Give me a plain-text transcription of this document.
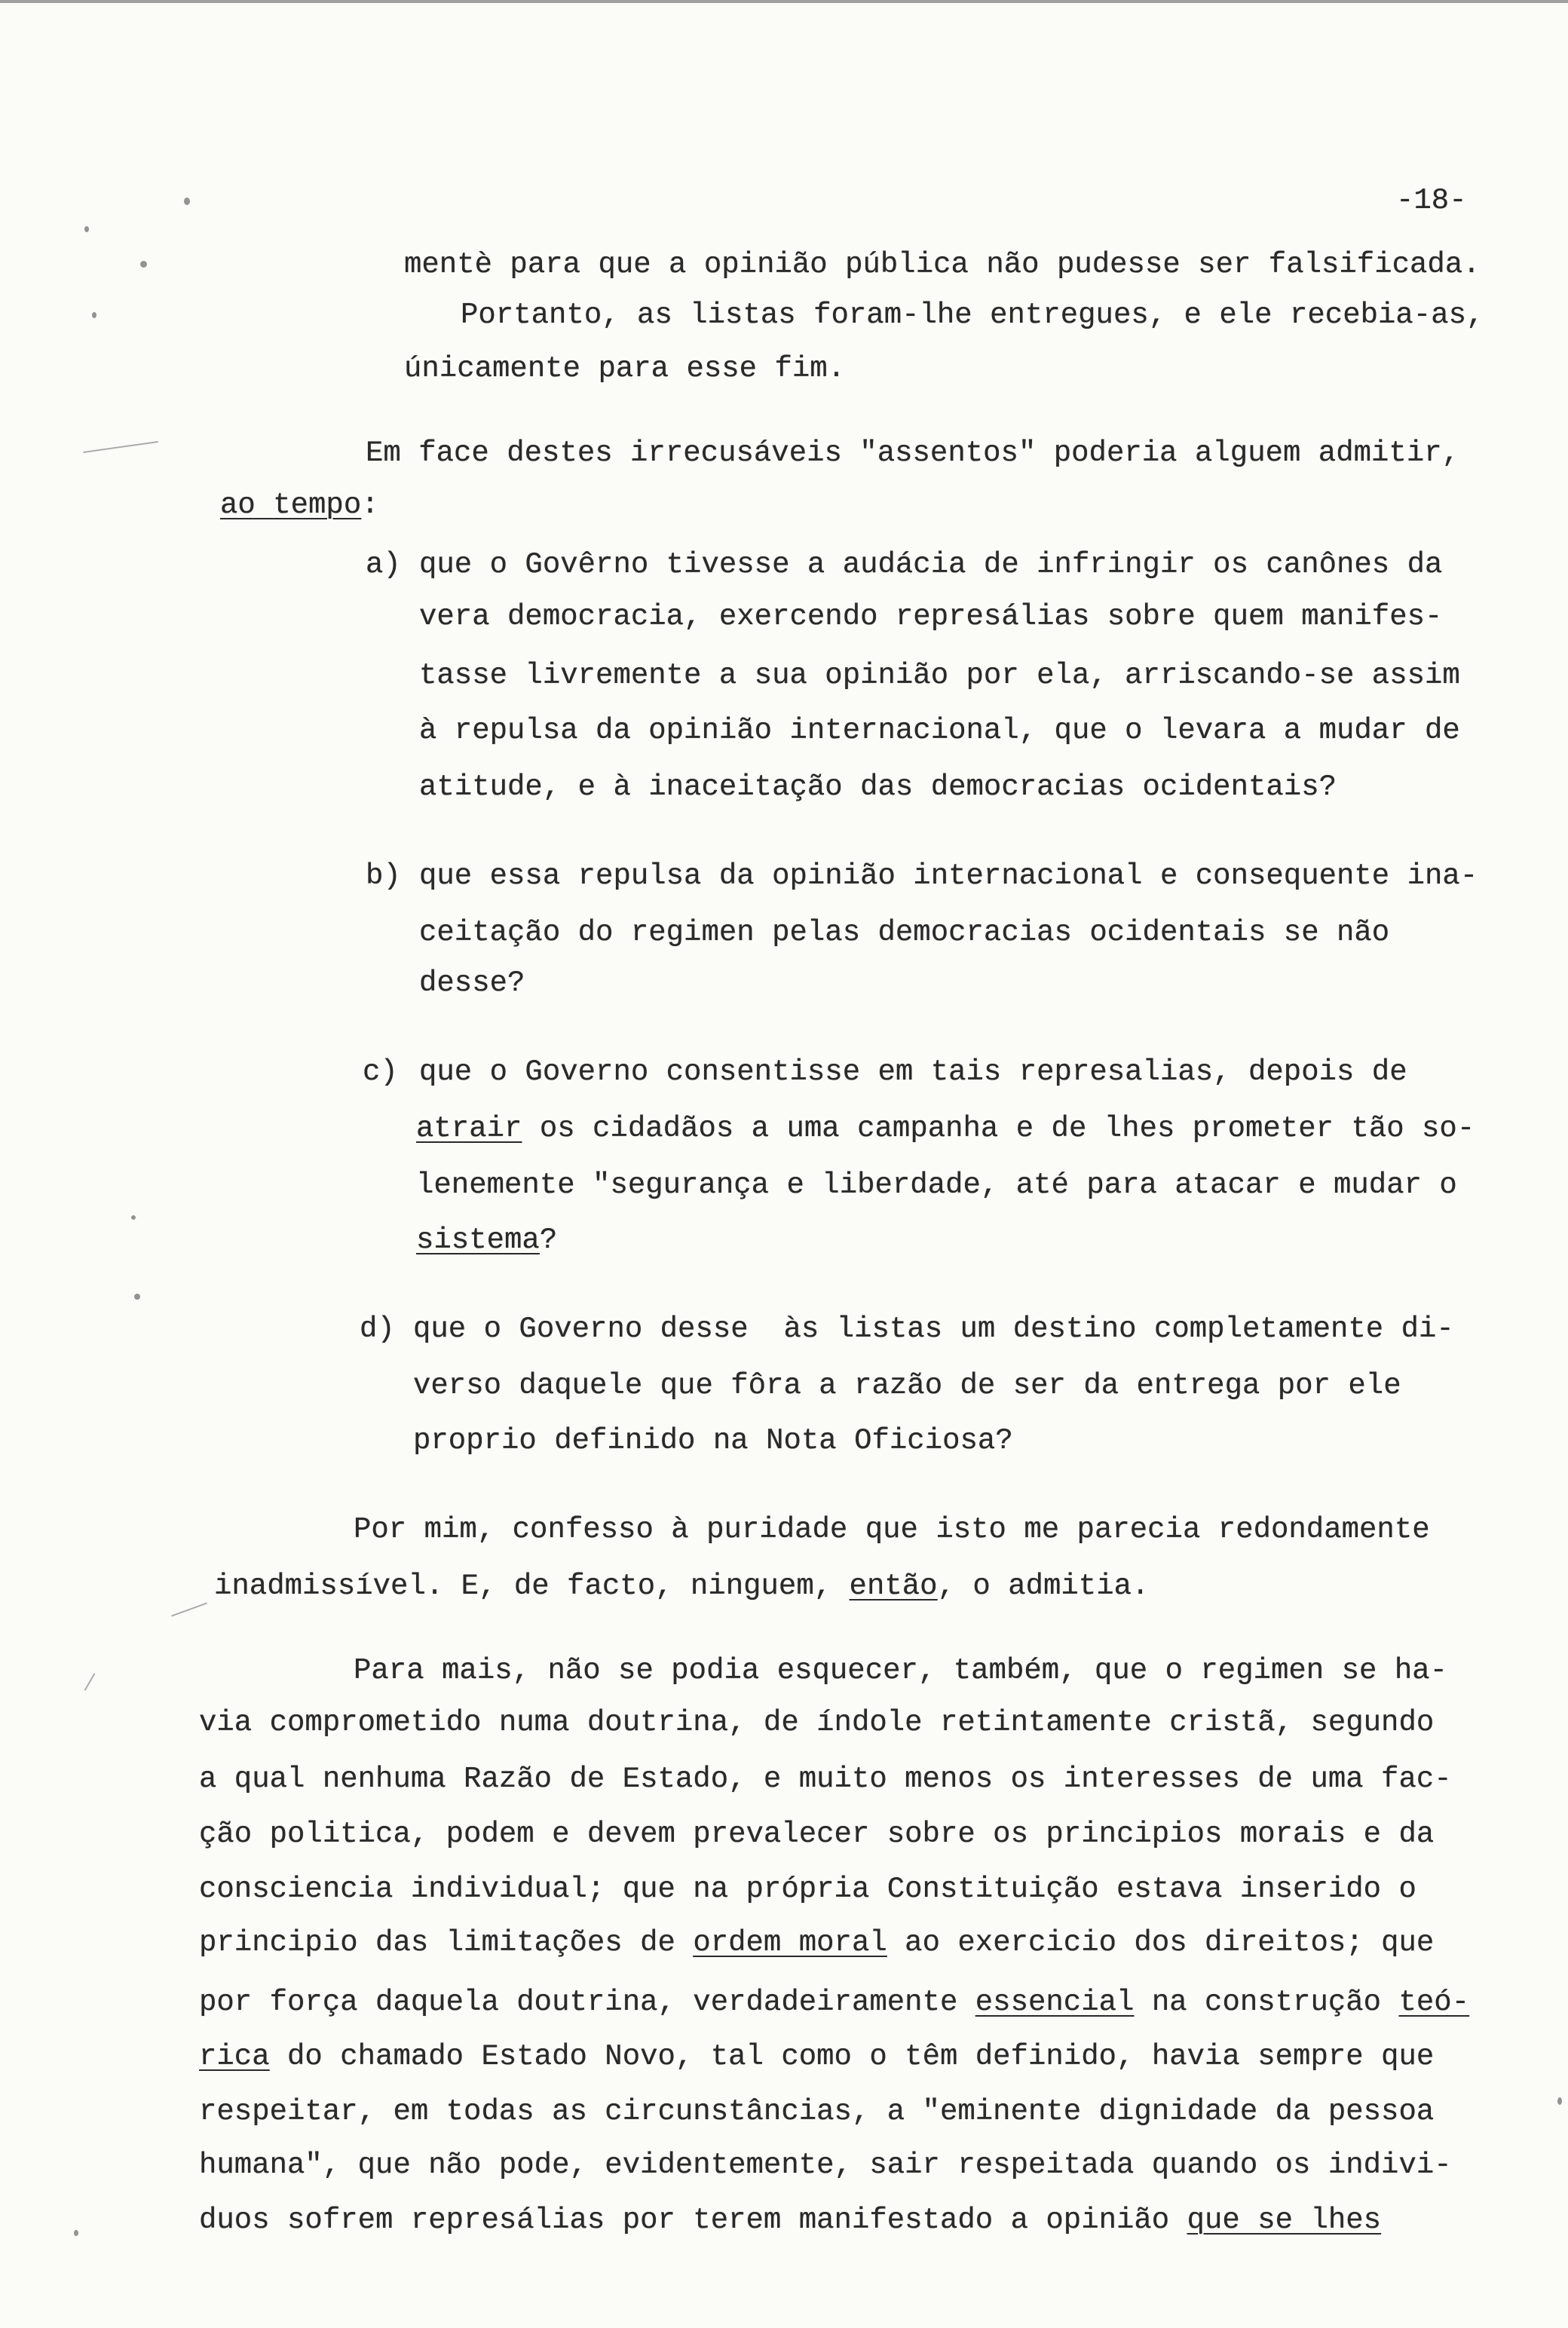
-18-
mentè para que a opinião pública não pudesse ser falsificada.
Portanto, as listas foram-lhe entregues, e ele recebia-as,
únicamente para esse fim.
Em face destes irrecusáveis "assentos" poderia alguem admitir,
ao tempo:
a) que o Govêrno tivesse a audácia de infringir os canônes da
vera democracia, exercendo represálias sobre quem manifes-
tasse livremente a sua opinião por ela, arriscando-se assim
à repulsa da opinião internacional, que o levara a mudar de
atitude, e à inaceitação das democracias ocidentais?
b) que essa repulsa da opinião internacional e consequente ina-
ceitação do regimen pelas democracias ocidentais se não
desse?
c) que o Governo consentisse em tais represalias, depois de
atrair os cidadãos a uma campanha e de lhes prometer tão so-
lenemente "segurança e liberdade, até para atacar e mudar o
sistema?
d) que o Governo desse  às listas um destino completamente di-
verso daquele que fôra a razão de ser da entrega por ele
proprio definido na Nota Oficiosa?
Por mim, confesso à puridade que isto me parecia redondamente
inadmissível. E, de facto, ninguem, então, o admitia.
Para mais, não se podia esquecer, também, que o regimen se ha-
via comprometido numa doutrina, de índole retintamente cristã, segundo
a qual nenhuma Razão de Estado, e muito menos os interesses de uma fac-
ção politica, podem e devem prevalecer sobre os principios morais e da
consciencia individual; que na própria Constituição estava inserido o
principio das limitações de ordem moral ao exercicio dos direitos; que
por força daquela doutrina, verdadeiramente essencial na construção teó-
rica do chamado Estado Novo, tal como o têm definido, havia sempre que
respeitar, em todas as circunstâncias, a "eminente dignidade da pessoa
humana", que não pode, evidentemente, sair respeitada quando os indivi-
duos sofrem represálias por terem manifestado a opinião que se lhes
